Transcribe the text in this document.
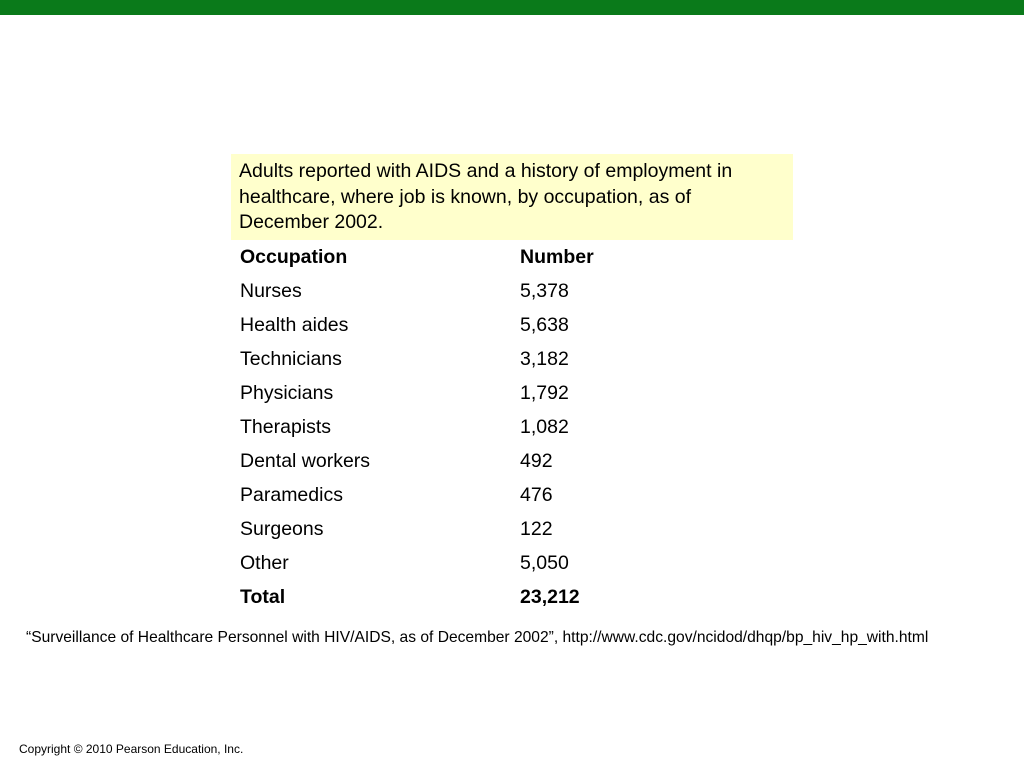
Adults reported with AIDS and a history of employment in healthcare, where job is known, by occupation, as of December 2002.
Occupation	Number
Nurses	5,378
Health aides	5,638
Technicians	3,182
Physicians	1,792
Therapists	1,082
Dental workers	492
Paramedics	476
Surgeons	122
Other	5,050
Total	23,212
“Surveillance of Healthcare Personnel with HIV/AIDS, as of December 2002”, http://www.cdc.gov/ncidod/dhqp/bp_hiv_hp_with.html
Copyright © 2010 Pearson Education, Inc.
